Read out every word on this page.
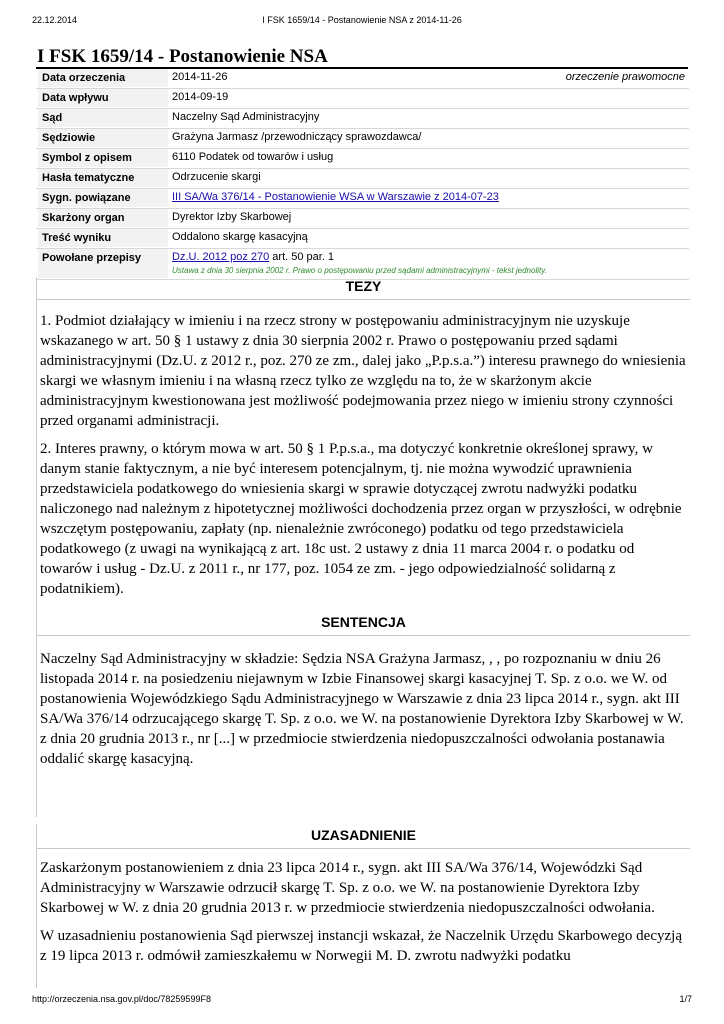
22.12.2014	I FSK 1659/14 - Postanowienie NSA z 2014-11-26
I FSK 1659/14 - Postanowienie NSA
Data orzeczenia	2014-11-26	orzeczenie prawomocne
Data wpływu	2014-09-19
Sąd	Naczelny Sąd Administracyjny
Sędziowie	Grażyna Jarmasz /przewodniczący sprawozdawca/
Symbol z opisem	6110 Podatek od towarów i usług
Hasła tematyczne	Odrzucenie skargi
Sygn. powiązane	III SA/Wa 376/14 - Postanowienie WSA w Warszawie z 2014-07-23
Skarżony organ	Dyrektor Izby Skarbowej
Treść wyniku	Oddalono skargę kasacyjną
Powołane przepisy	Dz.U. 2012 poz 270 art. 50 par. 1
Ustawa z dnia 30 sierpnia 2002 r. Prawo o postępowaniu przed sądami administracyjnymi - tekst jednolity.
TEZY

1. Podmiot działający w imieniu i na rzecz strony w postępowaniu administracyjnym nie uzyskuje wskazanego w art. 50 § 1 ustawy z dnia 30 sierpnia 2002 r. Prawo o postępowaniu przed sądami administracyjnymi (Dz.U. z 2012 r., poz. 270 ze zm., dalej jako „P.p.s.a.”) interesu prawnego do wniesienia skargi we własnym imieniu i na własną rzecz tylko ze względu na to, że w skarżonym akcie administracyjnym kwestionowana jest możliwość podejmowania przez niego w imieniu strony czynności przed organami administracji.

2. Interes prawny, o którym mowa w art. 50 § 1 P.p.s.a., ma dotyczyć konkretnie określonej sprawy, w danym stanie faktycznym, a nie być interesem potencjalnym, tj. nie można wywodzić uprawnienia przedstawiciela podatkowego do wniesienia skargi w sprawie dotyczącej zwrotu nadwyżki podatku naliczonego nad należnym z hipotetycznej możliwości dochodzenia przez organ w przyszłości, w odrębnie wszczętym postępowaniu, zapłaty (np. nienależnie zwróconego) podatku od tego przedstawiciela podatkowego (z uwagi na wynikającą z art. 18c ust. 2 ustawy z dnia 11 marca 2004 r. o podatku od towarów i usług - Dz.U. z 2011 r., nr 177, poz. 1054 ze zm. - jego odpowiedzialność solidarną z podatnikiem).

SENTENCJA

Naczelny Sąd Administracyjny w składzie: Sędzia NSA Grażyna Jarmasz, , , po rozpoznaniu w dniu 26 listopada 2014 r. na posiedzeniu niejawnym w Izbie Finansowej skargi kasacyjnej T. Sp. z o.o. we W. od postanowienia Wojewódzkiego Sądu Administracyjnego w Warszawie z dnia 23 lipca 2014 r., sygn. akt III SA/Wa 376/14 odrzucającego skargę T. Sp. z o.o. we W. na postanowienie Dyrektora Izby Skarbowej w W. z dnia 20 grudnia 2013 r., nr [...] w przedmiocie stwierdzenia niedopuszczalności odwołania postanawia oddalić skargę kasacyjną.

UZASADNIENIE

Zaskarżonym postanowieniem z dnia 23 lipca 2014 r., sygn. akt III SA/Wa 376/14, Wojewódzki Sąd Administracyjny w Warszawie odrzucił skargę T. Sp. z o.o. we W. na postanowienie Dyrektora Izby Skarbowej w W. z dnia 20 grudnia 2013 r. w przedmiocie stwierdzenia niedopuszczalności odwołania.

W uzasadnieniu postanowienia Sąd pierwszej instancji wskazał, że Naczelnik Urzędu Skarbowego decyzją z 19 lipca 2013 r. odmówił zamieszkałemu w Norwegii M. D. zwrotu nadwyżki podatku

http://orzeczenia.nsa.gov.pl/doc/78259599F8	1/7
